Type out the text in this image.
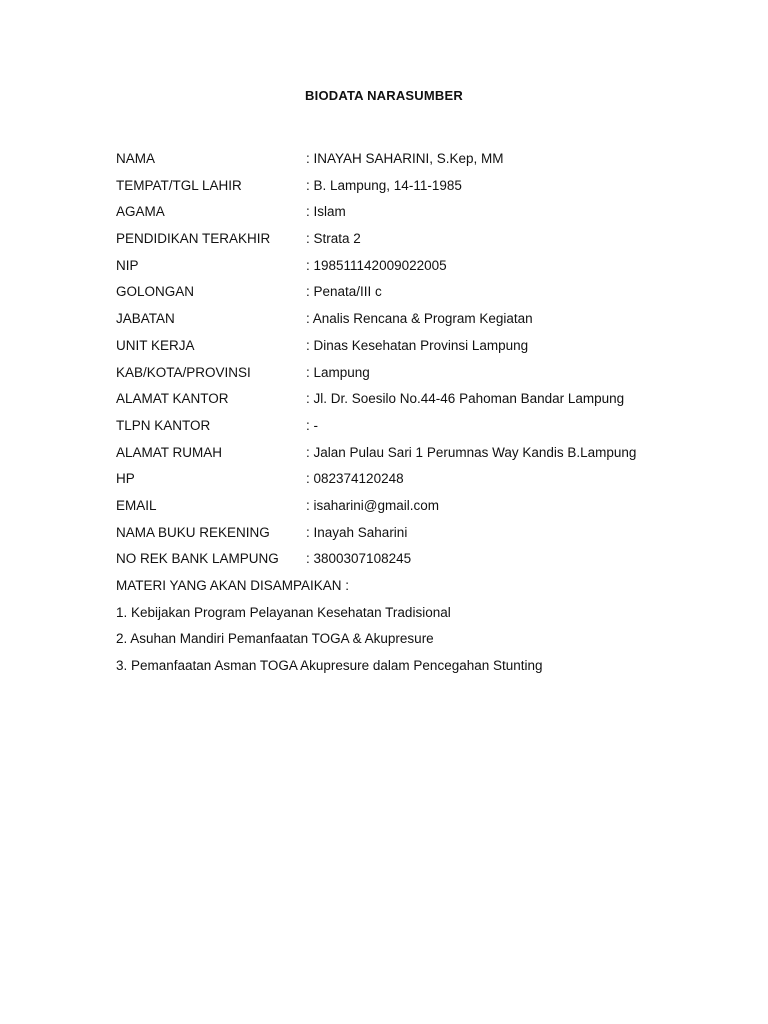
BIODATA NARASUMBER
NAMA	: INAYAH SAHARINI, S.Kep, MM
TEMPAT/TGL LAHIR	: B. Lampung, 14-11-1985
AGAMA	: Islam
PENDIDIKAN TERAKHIR	: Strata 2
NIP	: 198511142009022005
GOLONGAN	: Penata/III c
JABATAN	: Analis Rencana & Program Kegiatan
UNIT KERJA	: Dinas Kesehatan Provinsi Lampung
KAB/KOTA/PROVINSI	: Lampung
ALAMAT KANTOR	: Jl. Dr. Soesilo No.44-46 Pahoman Bandar Lampung
TLPN KANTOR	: -
ALAMAT RUMAH	: Jalan Pulau Sari 1 Perumnas Way Kandis B.Lampung
HP	: 082374120248
EMAIL	: isaharini@gmail.com
NAMA BUKU REKENING	: Inayah Saharini
NO REK BANK LAMPUNG	: 3800307108245
MATERI YANG AKAN DISAMPAIKAN :
1. Kebijakan Program Pelayanan Kesehatan Tradisional
2. Asuhan Mandiri Pemanfaatan TOGA & Akupresure
3. Pemanfaatan Asman TOGA Akupresure dalam Pencegahan Stunting
